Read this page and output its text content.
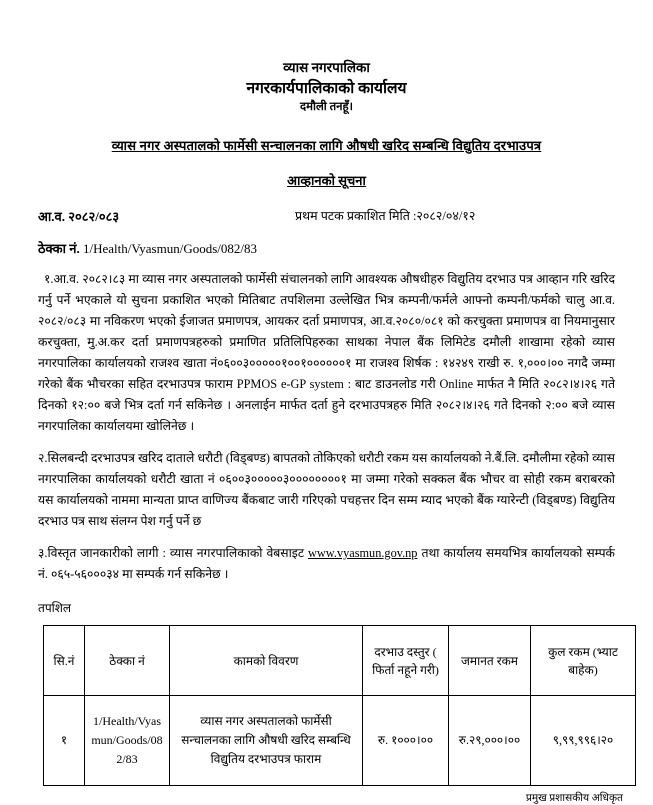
व्यास नगरपालिका
नगरकार्यपालिकाको कार्यालय
दमौली तनहूँ।
व्यास नगर अस्पतालको फार्मेसी सन्चालनका लागि औषधी खरिद सम्बन्धि विद्युतिय दरभाउपत्र
आव्हानको सूचना
आ.व. २०८२/०८३	प्रथम पटक प्रकाशित मिति :२०८२/०४/१२
ठेक्का नं. 1/Health/Vyasmun/Goods/082/83

१.आ.व. २०८२।८३ मा व्यास नगर अस्पतालको फार्मेसी संचालनको लागि आवश्यक औषधीहरु विद्युतिय दरभाउ पत्र आव्हान गरि खरिद गर्नु पर्ने भएकाले यो सुचना प्रकाशित भएको मितिबाट तपशिलमा उल्लेखित भित्र कम्पनी/फर्मले आफ्नो कम्पनी/फर्मको चालु आ.व. २०८२/०८३ मा नविकरण भएको ईजाजत प्रमाणपत्र, आयकर दर्ता प्रमाणपत्र, आ.व.२०८०/०८१ को करचुक्ता प्रमाणपत्र वा नियमानुसार करचुक्ता, मु.अ.कर दर्ता प्रमाणपत्रहरुको प्रमाणित प्रतिलिपिहरुका साथका नेपाल बैंक लिमिटेड दमौली शाखामा रहेको व्यास नगरपालिका कार्यालयको राजश्व खाता नं०६००३०००००१००१००००००१ मा राजश्व शिर्षक : १४२४९ राखी रु. १,०००।०० नगदै जम्मा गरेको बैंक भौचरका सहित दरभाउपत्र फाराम PPMOS e-GP system : बाट डाउनलोड गरी Online मार्फत नै मिति २०८२।४।२६ गते दिनको १२:०० बजे भित्र दर्ता गर्न सकिनेछ । अनलाईन मार्फत दर्ता हुने दरभाउपत्रहरु मिति २०८२।४।२६ गते दिनको २:०० बजे व्यास नगरपालिका कार्यालयमा खोलिनेछ ।

२.सिलबन्दी दरभाउपत्र खरिद दाताले धरौटी (विड्बण्ड) बापतको तोकिएको धरौटी रकम यस कार्यालयको ने.बैं.लि. दमौलीमा रहेको व्यास नगरपालिका कार्यालयको धरौटी खाता नं ०६००३०००००३००००००००१ मा जम्मा गरेको सक्कल बैंक भौचर वा सोही रकम बराबरको यस कार्यालयको नाममा मान्यता प्राप्त वाणिज्य बैंकबाट जारी गरिएको पचहत्तर दिन सम्म म्याद भएको बैंक ग्यारेन्टी (विड्बण्ड) विद्युतिय दरभाउ पत्र साथ संलग्न पेश गर्नु पर्ने छ

३.विस्तृत जानकारीको लागी : व्यास नगरपालिकाको वेबसाइट www.vyasmun.gov.np तथा कार्यालय समयभित्र कार्यालयको सम्पर्क नं. ०६५-५६०००३४ मा सम्पर्क गर्न सकिनेछ ।

तपशिल
सि.नं	ठेक्का नं	कामको विवरण	दरभाउ दस्तुर ( फिर्ता नहूने गरी)	जमानत रकम	कुल रकम (भ्याट बाहेक)
१	1/Health/Vyasmun/Goods/082/83	व्यास नगर अस्पतालको फार्मेसी सन्चालनका लागि औषधी खरिद सम्बन्धि विद्युतिय दरभाउपत्र फाराम	रु. १०००।००	रु.२९,०००।००	९,९९,९९६।२०
प्रमुख प्रशासकीय अधिकृत
